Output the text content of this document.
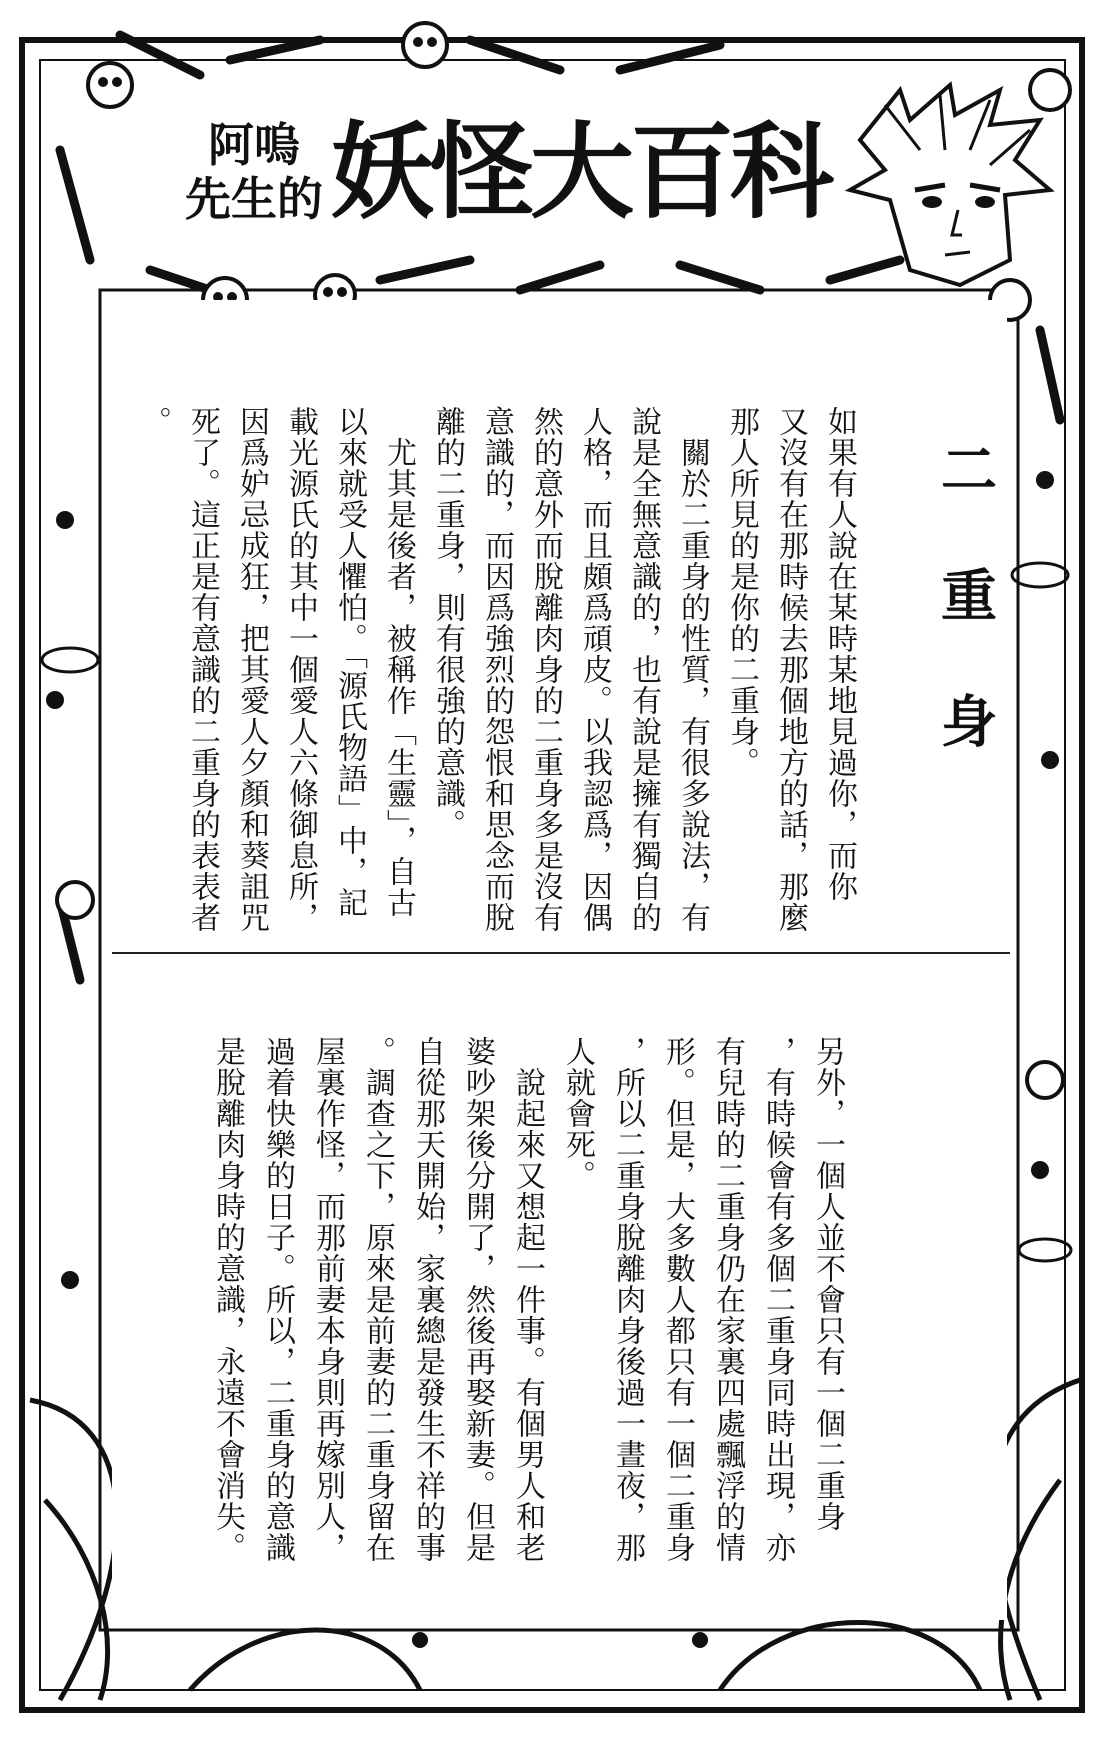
阿嗚
先生的 妖怪大百科
二重身
如果有人說在某時某地見過你，而你
又沒有在那時候去那個地方的話，那麼
那人所見的是你的二重身。
　關於二重身的性質，有很多說法，有
說是全無意識的，也有說是擁有獨自的
人格，而且頗爲頑皮。以我認爲，因偶
然的意外而脫離肉身的二重身多是沒有
意識的，而因爲強烈的怨恨和思念而脫
離的二重身，則有很強的意識。
　尤其是後者，被稱作「生靈」，自古
以來就受人懼怕。「源氏物語」中，記
載光源氏的其中一個愛人六條御息所，
因爲妒忌成狂，把其愛人夕顏和葵詛咒
死了。這正是有意識的二重身的表表者
。
另外，一個人並不會只有一個二重身
，有時候會有多個二重身同時出現，亦
有兒時的二重身仍在家裏四處飄浮的情
形。但是，大多數人都只有一個二重身
，所以二重身脫離肉身後過一晝夜，那
人就會死。
　說起來又想起一件事。有個男人和老
婆吵架後分開了，然後再娶新妻。但是
自從那天開始，家裏總是發生不祥的事
。調查之下，原來是前妻的二重身留在
屋裏作怪，而那前妻本身則再嫁別人，
過着快樂的日子。所以，二重身的意識
是脫離肉身時的意識，永遠不會消失。
